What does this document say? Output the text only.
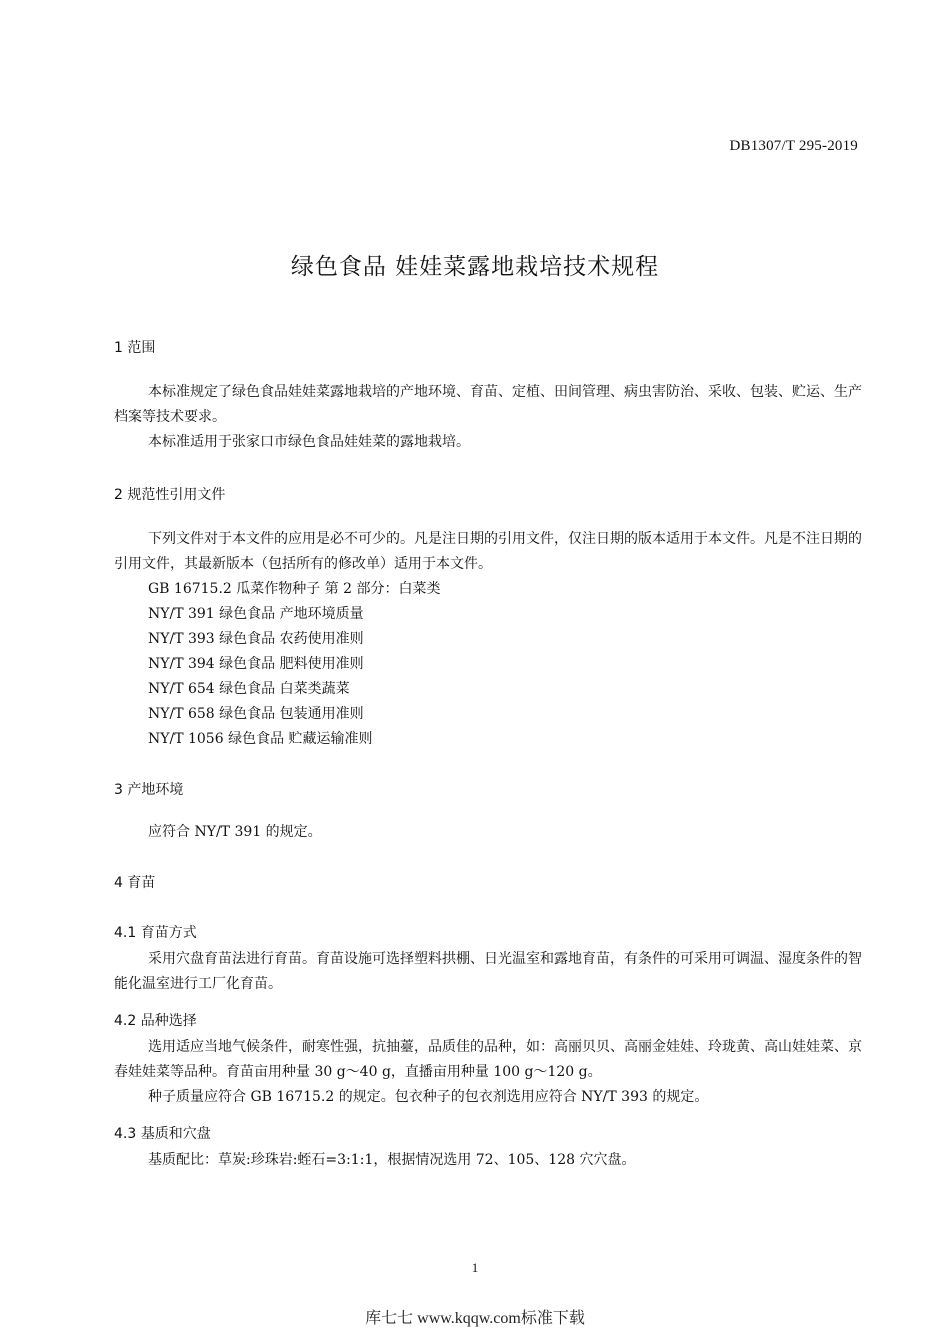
DB1307/T 295-2019
绿色食品 娃娃菜露地栽培技术规程
1 范围

本标准规定了绿色食品娃娃菜露地栽培的产地环境、育苗、定植、田间管理、病虫害防治、采收、包装、贮运、生产档案等技术要求。

本标准适用于张家口市绿色食品娃娃菜的露地栽培。

2 规范性引用文件

下列文件对于本文件的应用是必不可少的。凡是注日期的引用文件，仅注日期的版本适用于本文件。凡是不注日期的引用文件，其最新版本（包括所有的修改单）适用于本文件。

GB 16715.2 瓜菜作物种子 第 2 部分：白菜类

NY/T 391 绿色食品 产地环境质量

NY/T 393 绿色食品 农药使用准则

NY/T 394 绿色食品 肥料使用准则

NY/T 654 绿色食品 白菜类蔬菜

NY/T 658 绿色食品 包装通用准则

NY/T 1056 绿色食品 贮藏运输准则

3 产地环境

应符合 NY/T 391 的规定。

4 育苗
4.1 育苗方式

采用穴盘育苗法进行育苗。育苗设施可选择塑料拱棚、日光温室和露地育苗，有条件的可采用可调温、湿度条件的智能化温室进行工厂化育苗。

4.2 品种选择

选用适应当地气候条件，耐寒性强，抗抽薹，品质佳的品种，如：高丽贝贝、高丽金娃娃、玲珑黄、高山娃娃菜、京春娃娃菜等品种。育苗亩用种量 30 g～40 g，直播亩用种量 100 g～120 g。

种子质量应符合 GB 16715.2 的规定。包衣种子的包衣剂选用应符合 NY/T 393 的规定。

4.3 基质和穴盘

基质配比：草炭:珍珠岩:蛭石=3:1:1，根据情况选用 72、105、128 穴穴盘。

1
库七七 www.kqqw.com标准下载
